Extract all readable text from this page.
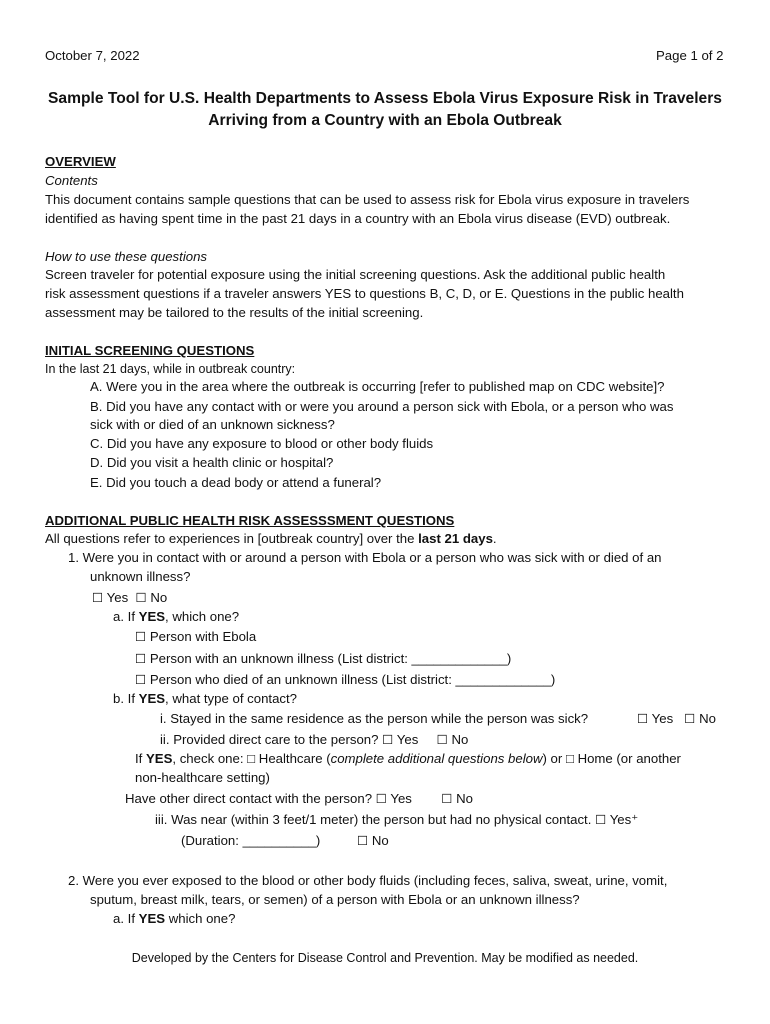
October 7, 2022	Page 1 of 2
Sample Tool for U.S. Health Departments to Assess Ebola Virus Exposure Risk in Travelers
Arriving from a Country with an Ebola Outbreak
OVERVIEW
Contents
This document contains sample questions that can be used to assess risk for Ebola virus exposure in travelers
identified as having spent time in the past 21 days in a country with an Ebola virus disease (EVD) outbreak.
How to use these questions
Screen traveler for potential exposure using the initial screening questions. Ask the additional public health
risk assessment questions if a traveler answers YES to questions B, C, D, or E. Questions in the public health
assessment may be tailored to the results of the initial screening.
INITIAL SCREENING QUESTIONS
In the last 21 days, while in outbreak country:
A. Were you in the area where the outbreak is occurring [refer to published map on CDC website]?
B. Did you have any contact with or were you around a person sick with Ebola, or a person who was
sick with or died of an unknown sickness?
C. Did you have any exposure to blood or other body fluids
D. Did you visit a health clinic or hospital?
E. Did you touch a dead body or attend a funeral?
ADDITIONAL PUBLIC HEALTH RISK ASSESSSMENT QUESTIONS
All questions refer to experiences in [outbreak country] over the last 21 days.
1. Were you in contact with or around a person with Ebola or a person who was sick with or died of an
unknown illness?
☐ Yes ☐ No
a. If YES, which one?
☐ Person with Ebola
☐ Person with an unknown illness (List district: _____________)
☐ Person who died of an unknown illness (List district: _____________)
b. If YES, what type of contact?
i. Stayed in the same residence as the person while the person was sick?	☐ Yes ☐ No
ii. Provided direct care to the person? ☐ Yes ☐ No
If YES, check one: □ Healthcare (complete additional questions below) or □ Home (or another
non-healthcare setting)
Have other direct contact with the person? ☐ Yes ☐ No
iii. Was near (within 3 feet/1 meter) the person but had no physical contact. ☐ Yes⁺
(Duration: __________)	☐ No
2. Were you ever exposed to the blood or other body fluids (including feces, saliva, sweat, urine, vomit,
sputum, breast milk, tears, or semen) of a person with Ebola or an unknown illness?
a. If YES which one?
Developed by the Centers for Disease Control and Prevention. May be modified as needed.
